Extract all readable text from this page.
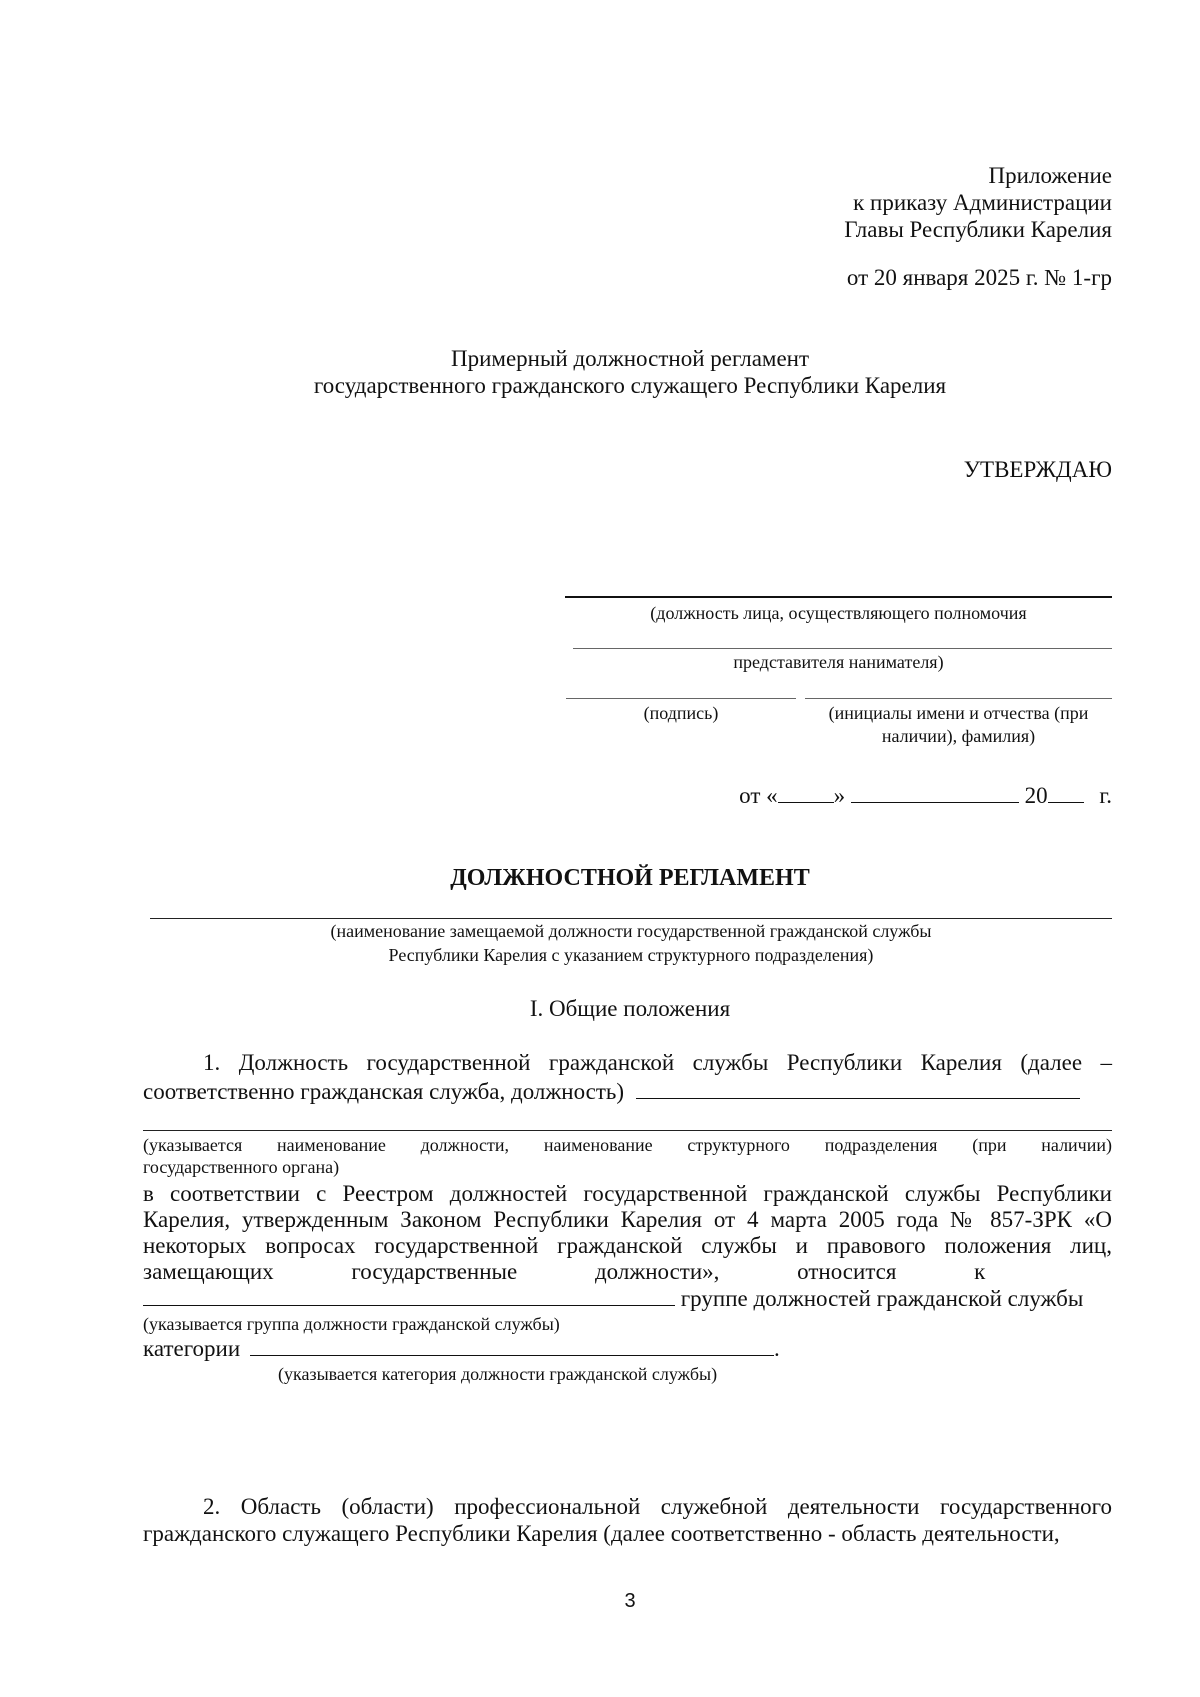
Приложение
к приказу Администрации
Главы Республики Карелия
от 20 января 2025 г. № 1-гр
Примерный должностной регламент
государственного гражданского служащего Республики Карелия
УТВЕРЖДАЮ
(должность лица, осуществляющего полномочия
представителя нанимателя)
(подпись)	(инициалы имени и отчества (при
наличии), фамилия)
от « »	20 г.
ДОЛЖНОСТНОЙ РЕГЛАМЕНТ
(наименование замещаемой должности государственной гражданской службы
Республики Карелия с указанием структурного подразделения)
I. Общие положения
1. Должность государственной гражданской службы Республики Карелия (далее –
соответственно гражданская служба, должность)
(указывается наименование должности, наименование структурного подразделения (при наличии)
государственного органа)
в соответствии с Реестром должностей государственной гражданской службы Республики
Карелия, утвержденным Законом Республики Карелия от 4 марта 2005 года № 857-ЗРК «О
некоторых вопросах государственной гражданской службы и правового положения лиц,
замещающих государственные должности», относится к
группе должностей гражданской службы
(указывается группа должности гражданской службы)
категории	.
(указывается категория должности гражданской службы)
2. Область (области) профессиональной служебной деятельности государственного
гражданского служащего Республики Карелия (далее соответственно - область деятельности,
3
